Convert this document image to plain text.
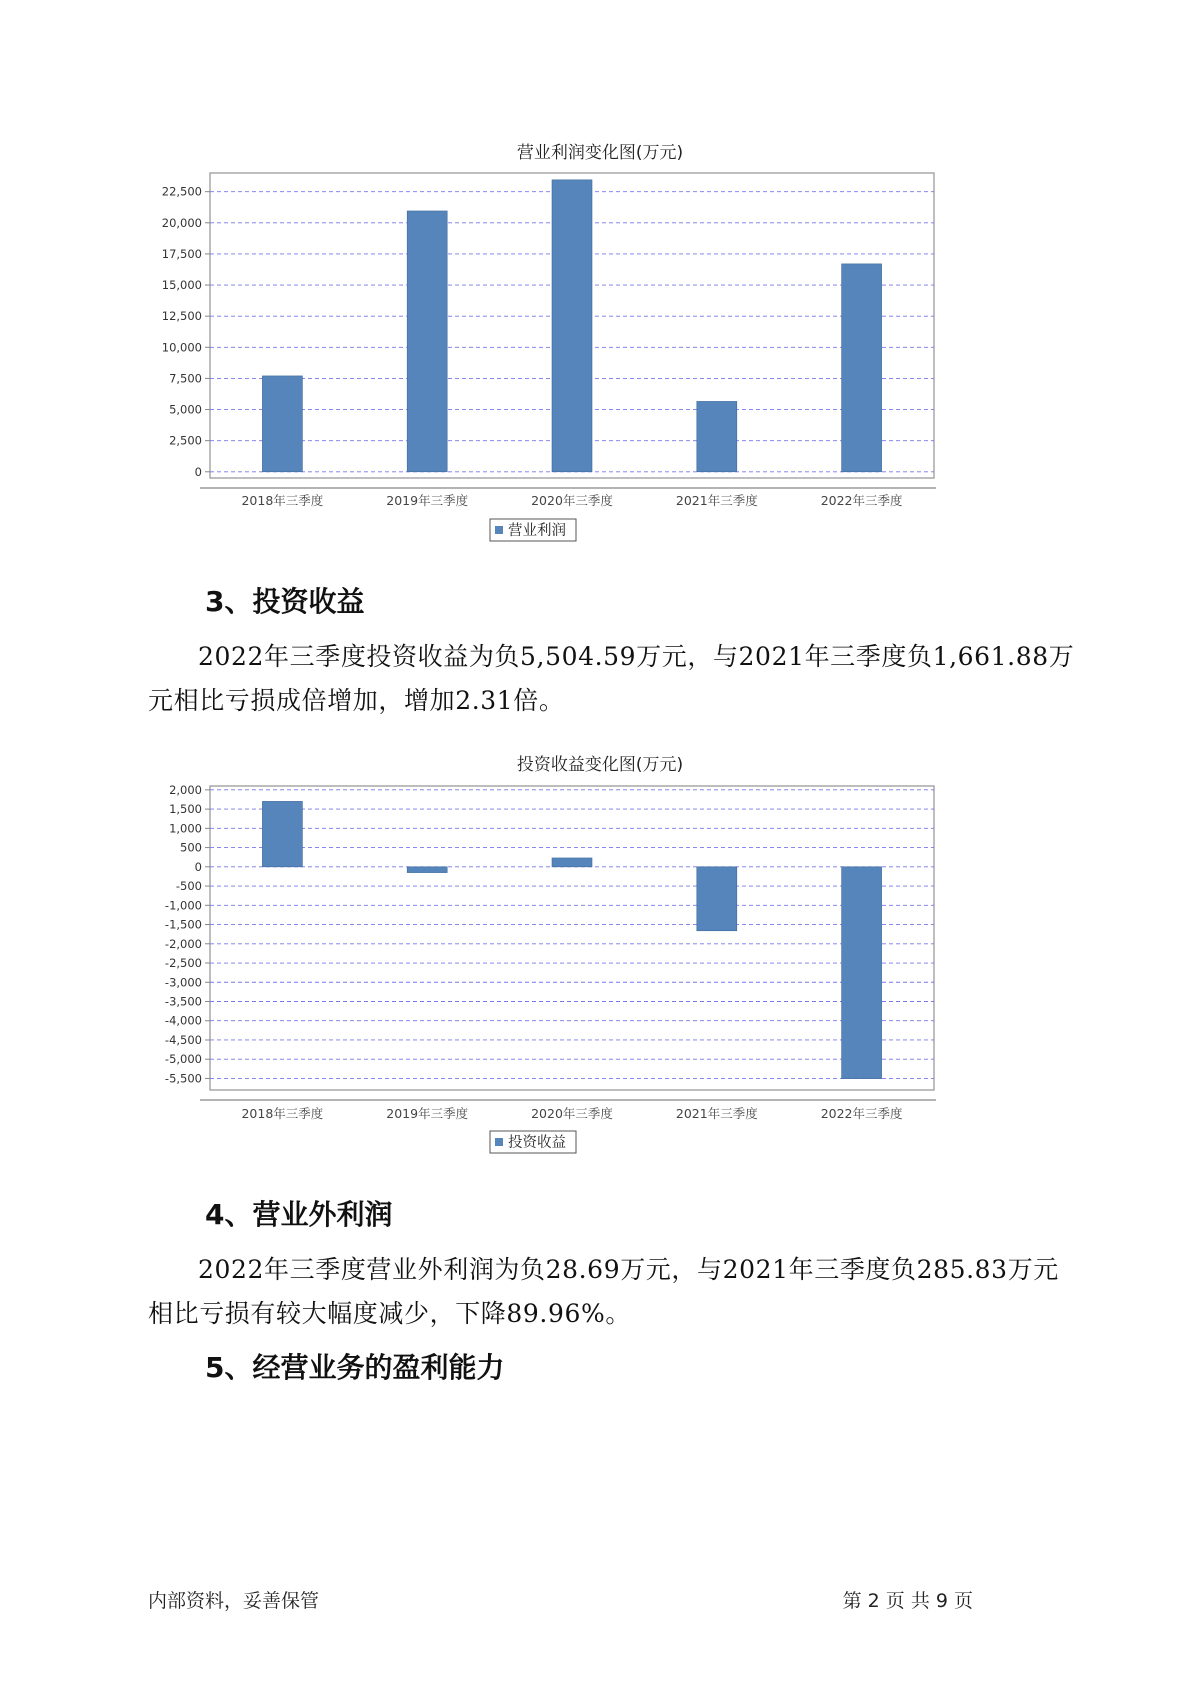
营业利润变化图(万元)
0
2,500
5,000
7,500
10,000
12,500
15,000
17,500
20,000
22,500
2018年三季度	2019年三季度	2020年三季度	2021年三季度	2022年三季度
营业利润
3、投资收益

2022年三季度投资收益为负5,504.59万元，与2021年三季度负1,661.88万元相比亏损成倍增加，增加2.31倍。

投资收益变化图(万元)
2,000
1,500
1,000
500
0
-500
-1,000
-1,500
-2,000
-2,500
-3,000
-3,500
-4,000
-4,500
-5,000
-5,500
2018年三季度	2019年三季度	2020年三季度	2021年三季度	2022年三季度
投资收益
4、营业外利润

2022年三季度营业外利润为负28.69万元，与2021年三季度负285.83万元相比亏损有较大幅度减少，下降89.96%。

5、经营业务的盈利能力
内部资料，妥善保管	第 2 页 共 9 页
